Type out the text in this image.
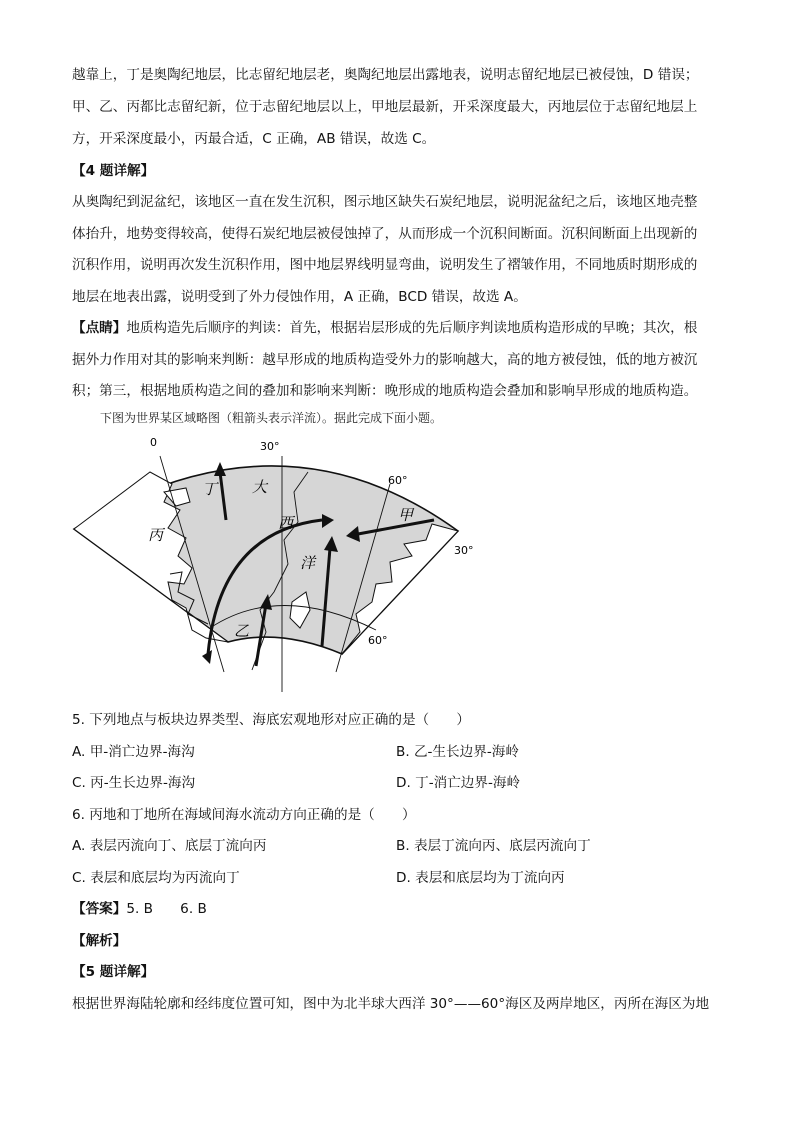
越靠上，丁是奥陶纪地层，比志留纪地层老，奥陶纪地层出露地表，说明志留纪地层已被侵蚀，D 错误；
甲、乙、丙都比志留纪新，位于志留纪地层以上，甲地层最新，开采深度最大，丙地层位于志留纪地层上
方，开采深度最小，丙最合适，C 正确，AB 错误，故选 C。
【4 题详解】
从奥陶纪到泥盆纪，该地区一直在发生沉积，图示地区缺失石炭纪地层，说明泥盆纪之后，该地区地壳整
体抬升，地势变得较高，使得石炭纪地层被侵蚀掉了，从而形成一个沉积间断面。沉积间断面上出现新的
沉积作用，说明再次发生沉积作用，图中地层界线明显弯曲，说明发生了褶皱作用，不同地质时期形成的
地层在地表出露，说明受到了外力侵蚀作用，A 正确，BCD 错误，故选 A。
【点睛】地质构造先后顺序的判读：首先，根据岩层形成的先后顺序判读地质构造形成的早晚；其次，根
据外力作用对其的影响来判断：越早形成的地质构造受外力的影响越大，高的地方被侵蚀，低的地方被沉
积；第三，根据地质构造之间的叠加和影响来判断：晚形成的地质构造会叠加和影响早形成的地质构造。
下图为世界某区域略图（粗箭头表示洋流）。据此完成下面小题。
30°
0
60°
30°
60°
丁 大
西
洋
甲
丙
乙
5. 下列地点与板块边界类型、海底宏观地形对应正确的是（　　）
A. 甲-消亡边界-海沟	B. 乙-生长边界-海岭
C. 丙-生长边界-海沟	D. 丁-消亡边界-海岭
6. 丙地和丁地所在海域间海水流动方向正确的是（　　）
A. 表层丙流向丁、底层丁流向丙	B. 表层丁流向丙、底层丙流向丁
C. 表层和底层均为丙流向丁	D. 表层和底层均为丁流向丙
【答案】5. B　　6. B
【解析】
【5 题详解】
根据世界海陆轮廓和经纬度位置可知，图中为北半球大西洋 30°——60°海区及两岸地区，丙所在海区为地
